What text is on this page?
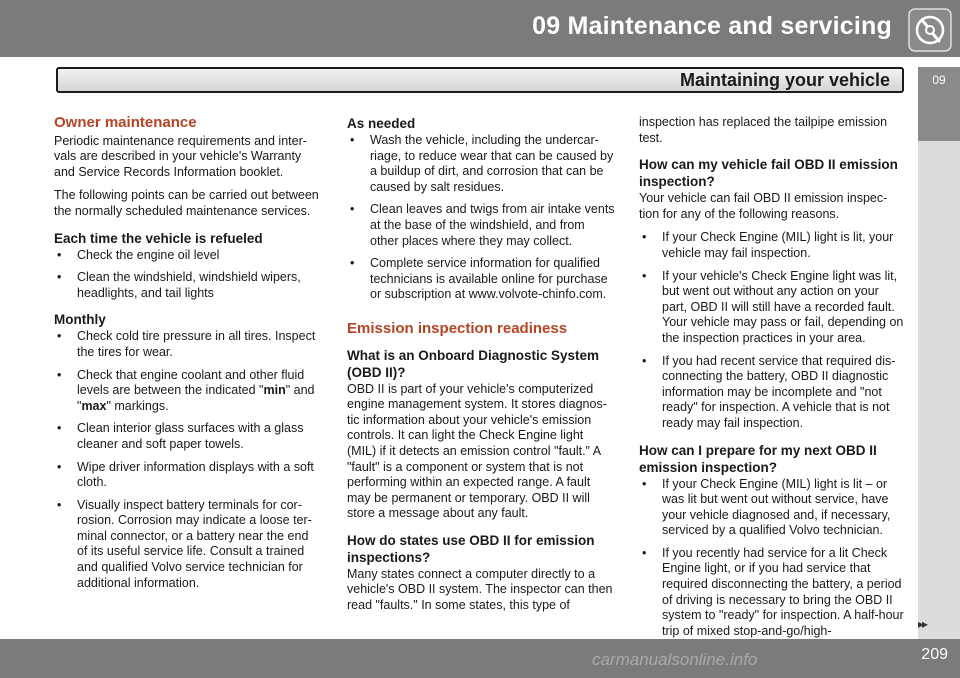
09 Maintenance and servicing
Maintaining your vehicle	09
Owner maintenance

Periodic maintenance requirements and inter-vals are described in your vehicle's Warranty and Service Records Information booklet.

The following points can be carried out between the normally scheduled maintenance services.

Each time the vehicle is refueled
• Check the engine oil level
• Clean the windshield, windshield wipers, headlights, and tail lights
Monthly
• Check cold tire pressure in all tires. Inspect the tires for wear.
• Check that engine coolant and other fluid levels are between the indicated "min" and "max" markings.
• Clean interior glass surfaces with a glass cleaner and soft paper towels.
• Wipe driver information displays with a soft cloth.
• Visually inspect battery terminals for cor-rosion. Corrosion may indicate a loose ter-minal connector, or a battery near the end of its useful service life. Consult a trained and qualified Volvo service technician for additional information.
As needed
• Wash the vehicle, including the undercar-riage, to reduce wear that can be caused by a buildup of dirt, and corrosion that can be caused by salt residues.
• Clean leaves and twigs from air intake vents at the base of the windshield, and from other places where they may collect.
• Complete service information for qualified technicians is available online for purchase or subscription at www.volvote-chinfo.com.
Emission inspection readiness
What is an Onboard Diagnostic System (OBD II)?

OBD II is part of your vehicle's computerized engine management system. It stores diagnos-tic information about your vehicle's emission controls. It can light the Check Engine light (MIL) if it detects an emission control "fault." A "fault" is a component or system that is not performing within an expected range. A fault may be permanent or temporary. OBD II will store a message about any fault.

How do states use OBD II for emission inspections?

Many states connect a computer directly to a vehicle's OBD II system. The inspector can then read "faults." In some states, this type of

inspection has replaced the tailpipe emission test.

How can my vehicle fail OBD II emission inspection?

Your vehicle can fail OBD II emission inspec-tion for any of the following reasons.

• If your Check Engine (MIL) light is lit, your vehicle may fail inspection.
• If your vehicle's Check Engine light was lit, but went out without any action on your part, OBD II will still have a recorded fault. Your vehicle may pass or fail, depending on the inspection practices in your area.
• If you had recent service that required dis-connecting the battery, OBD II diagnostic information may be incomplete and "not ready" for inspection. A vehicle that is not ready may fail inspection.
How can I prepare for my next OBD II emission inspection?
• If your Check Engine (MIL) light is lit – or was lit but went out without service, have your vehicle diagnosed and, if necessary, serviced by a qualified Volvo technician.
• If you recently had service for a lit Check Engine light, or if you had service that required disconnecting the battery, a period of driving is necessary to bring the OBD II system to "ready" for inspection. A half-hour trip of mixed stop-and-go/high-	▸▸
carmanualsonline.info	209
